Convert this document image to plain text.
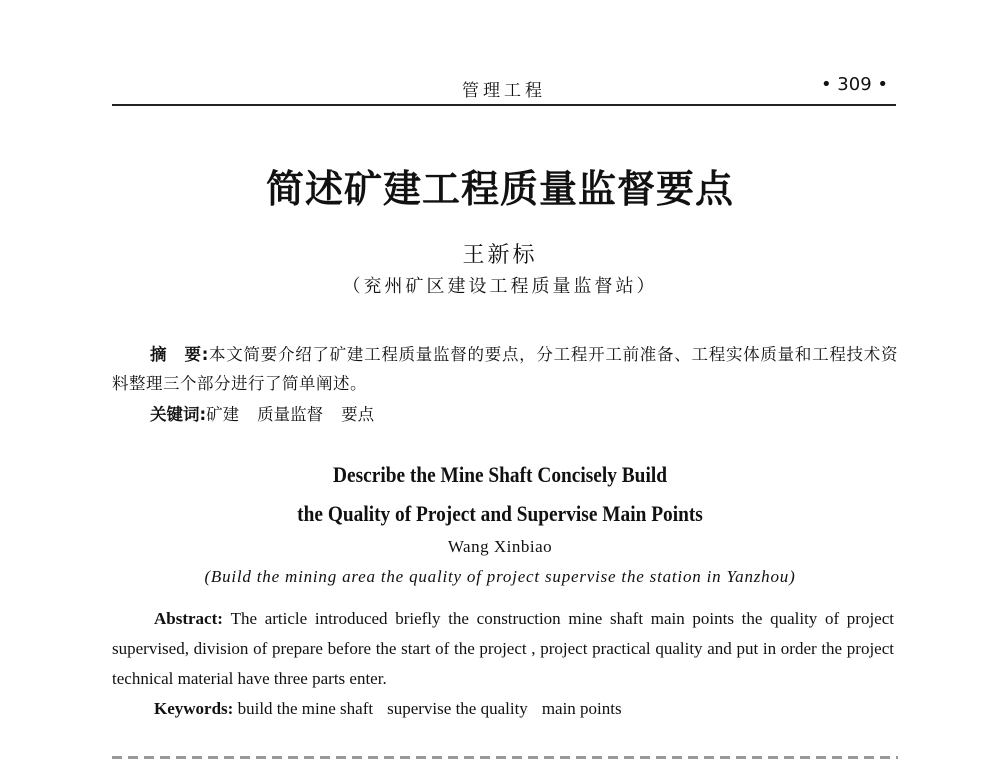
管理工程	• 309 •
简述矿建工程质量监督要点
王新标
（兖州矿区建设工程质量监督站）
摘　要:本文简要介绍了矿建工程质量监督的要点，分工程开工前准备、工程实体质量和工程技术资料整理三个部分进行了简单阐述。
关键词:矿建 质量监督 要点
Describe the Mine Shaft Concisely Build
the Quality of Project and Supervise Main Points
Wang Xinbiao
(Build the mining area the quality of project supervise the station in Yanzhou)
Abstract: The article introduced briefly the construction mine shaft main points the quality of project supervised, division of prepare before the start of the project , project practical quality and put in order the project technical material have three parts enter.
Keywords: build the mine shaft supervise the quality main points
